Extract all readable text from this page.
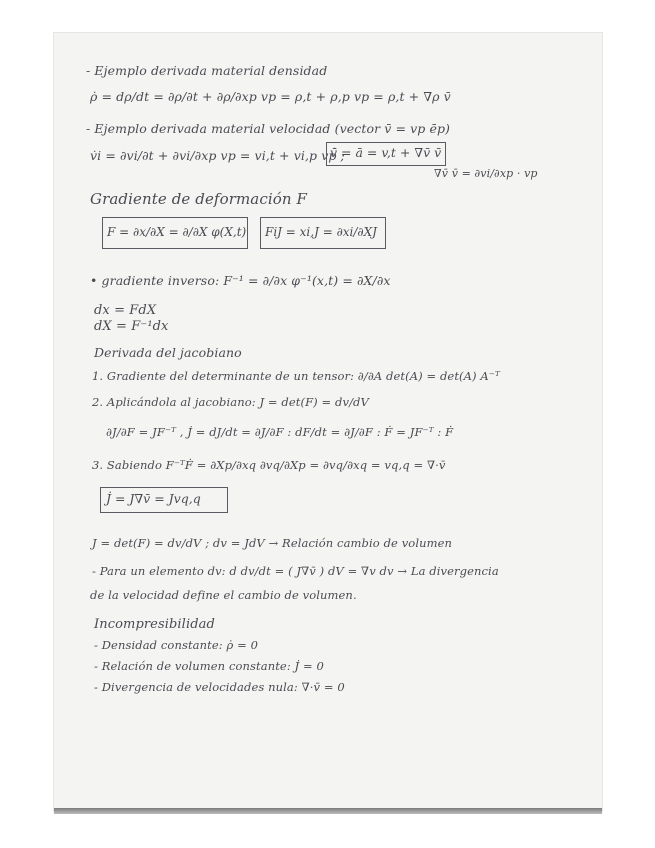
- Ejemplo derivada material densidad
ρ̇ = dρ/dt = ∂ρ/∂t + ∂ρ/∂xp vp = ρ,t + ρ,p vp = ρ,t + ∇ρ v̄
- Ejemplo derivada material velocidad (vector v̄ = vp ēp)
v̇i = ∂vi/∂t + ∂vi/∂xp vp = vi,t + vi,p vp ;
v̄̇ = ā = v,t + ∇v̄ v̄
∇v̄ v̄ = ∂vi/∂xp · vp
Gradiente de deformación F
F = ∂x/∂X = ∂/∂X φ(X,t) FiJ = xi,J = ∂xi/∂XJ
• gradiente inverso: F⁻¹ = ∂/∂x φ⁻¹(x,t) = ∂X/∂x
dx = FdX
dX = F⁻¹dx
Derivada del jacobiano
1. Gradiente del determinante de un tensor: ∂/∂A det(A) = det(A) A⁻ᵀ
2. Aplicándola al jacobiano: J = det(F) = dv/dV
∂J/∂F = JF⁻ᵀ , J̇ = dJ/dt = ∂J/∂F : dF/dt = ∂J/∂F : Ḟ = JF⁻ᵀ : Ḟ
3. Sabiendo F⁻ᵀḞ = ∂Xp/∂xq ∂vq/∂Xp = ∂vq/∂xq = vq,q = ∇·v̄
J̇ = J∇v̄ = Jvq,q
J = det(F) = dv/dV ; dv = JdV → Relación cambio de volumen
- Para un elemento dv: d dv/dt = ( J∇v̄ ) dV = ∇v dv → La divergencia
de la velocidad define el cambio de volumen.
Incompresibilidad
- Densidad constante: ρ̇ = 0
- Relación de volumen constante: J̇ = 0
- Divergencia de velocidades nula: ∇·v̄ = 0
